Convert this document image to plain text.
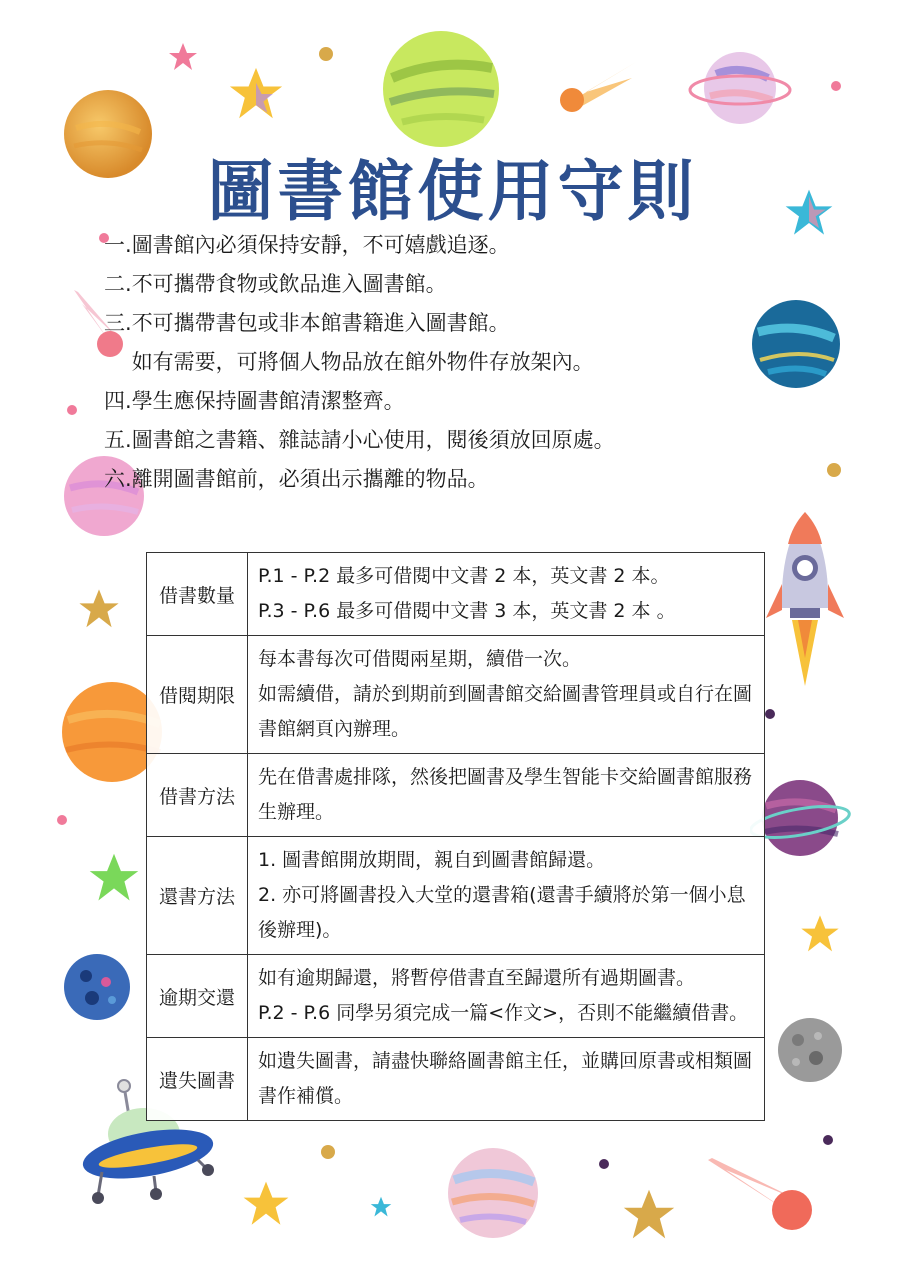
圖書館使用守則
一. 圖書館內必須保持安靜，不可嬉戲追逐。
二. 不可攜帶食物或飲品進入圖書館。
三. 不可攜帶書包或非本館書籍進入圖書館。
如有需要，可將個人物品放在館外物件存放架內。
四. 學生應保持圖書館清潔整齊。
五. 圖書館之書籍、雜誌請小心使用，閱後須放回原處。
六. 離開圖書館前，必須出示攜離的物品。
借書數量	P.1 - P.2 最多可借閱中文書 2 本，英文書 2 本。
P.3 - P.6 最多可借閱中文書 3 本，英文書 2 本 。

借閱期限	每本書每次可借閱兩星期，續借一次。
如需續借，請於到期前到圖書館交給圖書管理員或自行在圖書館網頁內辦理。

借書方法	先在借書處排隊，然後把圖書及學生智能卡交給圖書館服務生辦理。

還書方法	1. 圖書館開放期間，親自到圖書館歸還。
2. 亦可將圖書投入大堂的還書箱(還書手續將於第一個小息後辦理)。

逾期交還	如有逾期歸還，將暫停借書直至歸還所有過期圖書。
P.2 - P.6 同學另須完成一篇<作文>，否則不能繼續借書。

遺失圖書	如遺失圖書，請盡快聯絡圖書館主任，並購回原書或相類圖書作補償。
